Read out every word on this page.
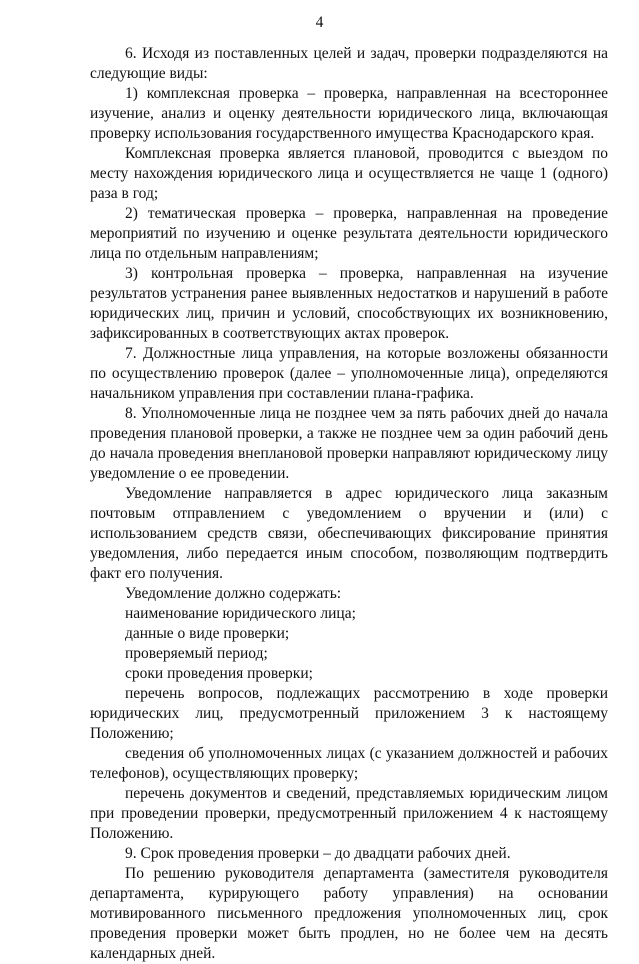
4

6. Исходя из поставленных целей и задач, проверки подразделяются на следующие виды:

1) комплексная проверка – проверка, направленная на всестороннее изучение, анализ и оценку деятельности юридического лица, включающая проверку использования государственного имущества Краснодарского края.

Комплексная проверка является плановой, проводится с выездом по месту нахождения юридического лица и осуществляется не чаще 1 (одного) раза в год;

2) тематическая проверка – проверка, направленная на проведение мероприятий по изучению и оценке результата деятельности юридического лица по отдельным направлениям;

3) контрольная проверка – проверка, направленная на изучение результатов устранения ранее выявленных недостатков и нарушений в работе юридических лиц, причин и условий, способствующих их возникновению, зафиксированных в соответствующих актах проверок.

7. Должностные лица управления, на которые возложены обязанности по осуществлению проверок (далее – уполномоченные лица), определяются начальником управления при составлении плана-графика.

8. Уполномоченные лица не позднее чем за пять рабочих дней до начала проведения плановой проверки, а также не позднее чем за один рабочий день до начала проведения внеплановой проверки направляют юридическому лицу уведомление о ее проведении.

Уведомление направляется в адрес юридического лица заказным почтовым отправлением с уведомлением о вручении и (или) с использованием средств связи, обеспечивающих фиксирование принятия уведомления, либо передается иным способом, позволяющим подтвердить факт его получения.

Уведомление должно содержать:

наименование юридического лица;

данные о виде проверки;

проверяемый период;

сроки проведения проверки;

перечень вопросов, подлежащих рассмотрению в ходе проверки юридических лиц, предусмотренный приложением 3 к настоящему Положению;

сведения об уполномоченных лицах (с указанием должностей и рабочих телефонов), осуществляющих проверку;

перечень документов и сведений, представляемых юридическим лицом при проведении проверки, предусмотренный приложением 4 к настоящему Положению.

9. Срок проведения проверки – до двадцати рабочих дней.

По решению руководителя департамента (заместителя руководителя департамента, курирующего работу управления) на основании мотивированного письменного предложения уполномоченных лиц, срок проведения проверки может быть продлен, но не более чем на десять календарных дней.
